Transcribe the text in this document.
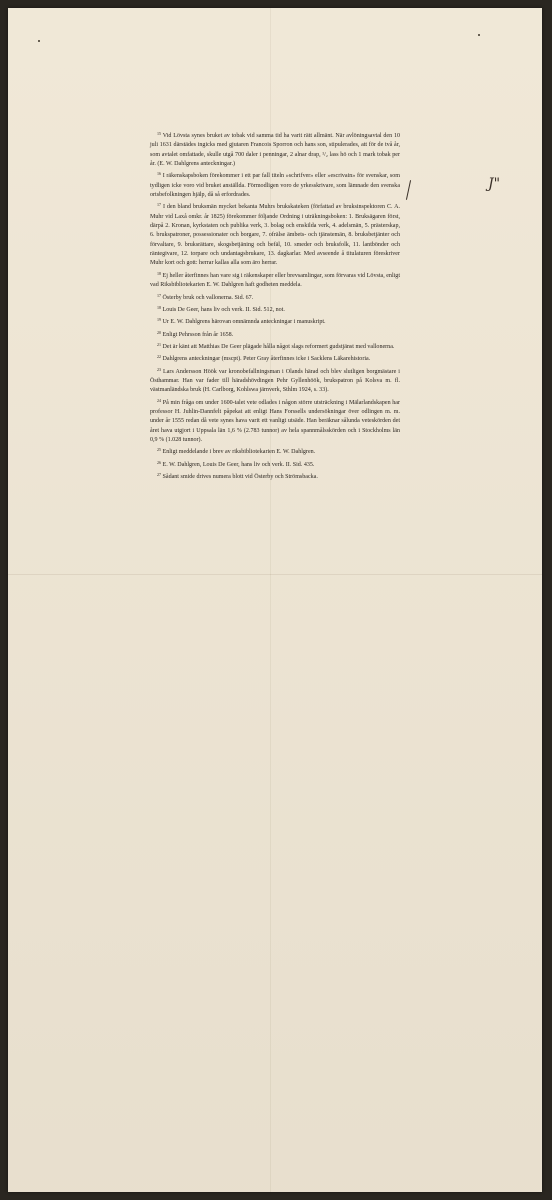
$^{15}$ Vid Lövsta synes bruket av tobak vid samma tid ha varit rätt allmänt. När avlöningsavtal den 10 juli 1631 därstädes ingicks med gjutaren Francois Sporron och hans son, stipulerades, att för de två år, som avtalet omfattade, skulle utgå 700 daler i penningar, 2 alnar drap, ¹/₂ lass hö och 1 mark tobak per år. (E. W. Dahlgrens anteckningar.)

$^{16}$ I räkenskapsboken förekommer i ett par fall titeln »schrifver» eller »escrivain» för svenskar, som tydligen icke voro vid bruket anställda. Förmodligen voro de yrkesskrivare, som lämnade den svenska ortsbefolkningen hjälp, då så erfordrades.

$^{17}$ I den bland bruksmän mycket bekanta Muhrs brukskateken (författad av bruksinspektoren C. A. Muhr vid Laxå omkr. år 1825) förekommer följande Ordning i uträkningsboken: 1. Bruksägaren först, därpå 2. Kronan, kyrkstaten och publika verk, 3. bolag och enskilda verk, 4. adelsmän, 5. prästerskap, 6. brukspatroner, possessionater och borgare, 7. ofrälse ämbets- och tjänstemän, 8. bruksbetjänter och förvaltare, 9. bruksrättare, skogsbetjäning och befäl, 10. smeder och bruksfolk, 11. lantbönder och räntegivare, 12. torpare och undantagsbrukare, 13. dagkarlar. Med avseende å titulaturen föreskriver Muhr kort och gott: herrar kallas alla som äro herrar.

$^{18}$ Ej heller återfinnes han vare sig i räkenskaper eller brevsamlingar, som förvaras vid Lövsta, enligt vad Riksbibliotekarien E. W. Dahlgren haft godheten meddela.

$^{17}$ Österby bruk och vallonerna. Sid. 67.

$^{18}$ Louis De Geer, hans liv och verk. II. Sid. 512, not.

$^{19}$ Ur E. W. Dahlgrens härovan omnämnda anteckningar i manuskript.

$^{20}$ Enligt Pehrsson från år 1658.

$^{21}$ Det är känt att Matthias De Geer plägade hålla något slags reformert gudstjänst med vallonerna.

$^{22}$ Dahlgrens anteckningar (mscpt). Peter Gray återfinnes icke i Sacklens Läkarehistoria.

$^{23}$ Lars Andersson Höök var kronobefallningsman i Olands härad och blev slutligen borgmästare i Östhammar. Han var fader till häradshövdingen Pehr Gyllenhöök, brukspatron på Kolsva m. fl. västmanländska bruk (H. Carlborg, Kohlswa järnverk, Sthlm 1924, s. 33).

$^{24}$ På min fråga om under 1600-talet vete odlades i någon större utsträckning i Mälarlandskapen har professor H. Juhlin-Dannfelt påpekat att enligt Hans Forssells undersökningar över odlingen m. m. under år 1555 redan då vete synes hava varit ett vanligt utsäde. Han beräknar sålunda veteskörden det året hava utgjort i Uppsala län 1,6 % (2.783 tunnor) av hela spannmålsskörden och i Stockholms län 0,9 % (1.028 tunnor).

$^{25}$ Enligt meddelande i brev av riksbibliotekarien E. W. Dahlgren.

$^{26}$ E. W. Dahlgren, Louis De Geer, hans liv och verk. II. Sid. 435.

$^{27}$ Sådant smide drives numera blott vid Österby och Strömsbacka.

J"
